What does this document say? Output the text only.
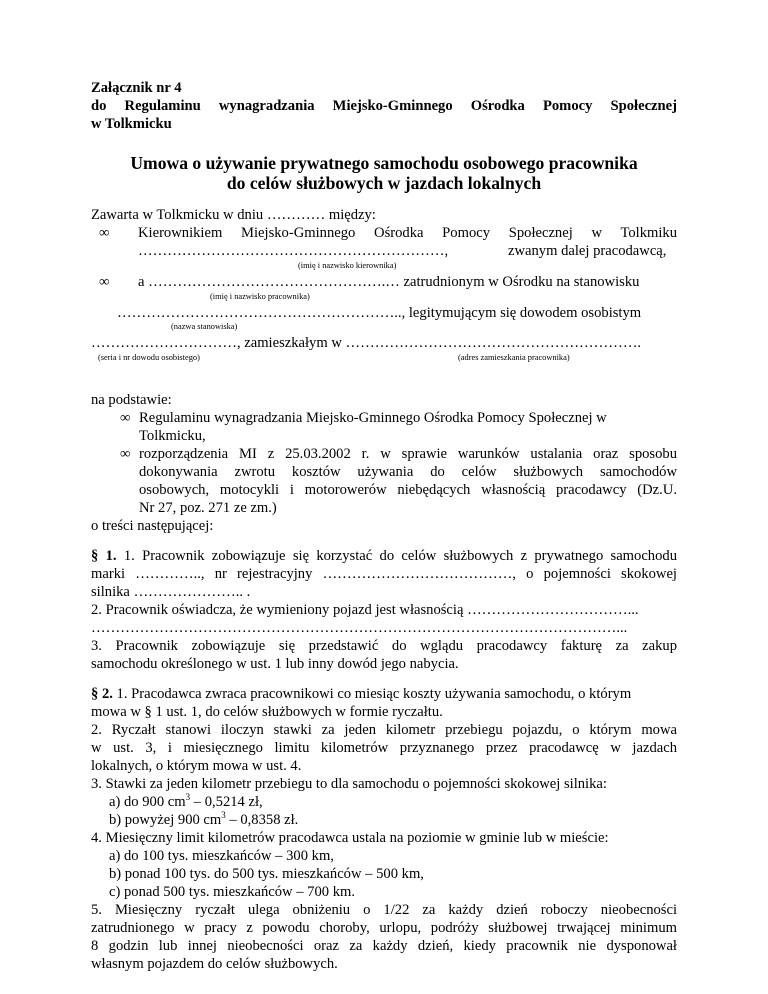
Załącznik nr 4
do Regulaminu wynagradzania Miejsko-Gminnego Ośrodka Pomocy Społecznej
w Tolkmicku
Umowa o używanie prywatnego samochodu osobowego pracownika
do celów służbowych w jazdach lokalnych
Zawarta w Tolkmicku w dniu ………… między:
∞ Kierownikiem Miejsko-Gminnego Ośrodka Pomocy Społecznej w Tolkmiku
………………………………………………………,	zwanym dalej pracodawcą,
(imię i nazwisko kierownika)
∞ a ………………………………………….… zatrudnionym w Ośrodku na stanowisku
(imię i nazwisko pracownika)
………………………………………………….., legitymującym się dowodem osobistym
(nazwa stanowiska)
…………………………, zamieszkałym w …………………………………………………….
(seria i nr dowodu osobistego)	(adres zamieszkania pracownika)
na podstawie:
∞ Regulaminu wynagradzania Miejsko-Gminnego Ośrodka Pomocy Społecznej w
Tolkmicku,
∞ rozporządzenia MI z 25.03.2002 r. w sprawie warunków ustalania oraz sposobu
dokonywania zwrotu kosztów używania do celów służbowych samochodów
osobowych, motocykli i motorowerów niebędących własnością pracodawcy (Dz.U.
Nr 27, poz. 271 ze zm.)
o treści następującej:
§ 1. 1. Pracownik zobowiązuje się korzystać do celów służbowych z prywatnego samochodu
marki ………….., nr rejestracyjny …………………………………, o pojemności skokowej
silnika ………………….. .
2. Pracownik oświadcza, że wymieniony pojazd jest własnością ……………………………...
………………………………………………………………………………………………...
3. Pracownik zobowiązuje się przedstawić do wglądu pracodawcy fakturę za zakup
samochodu określonego w ust. 1 lub inny dowód jego nabycia.
§ 2. 1. Pracodawca zwraca pracownikowi co miesiąc koszty używania samochodu, o którym
mowa w § 1 ust. 1, do celów służbowych w formie ryczałtu.
2. Ryczałt stanowi iloczyn stawki za jeden kilometr przebiegu pojazdu, o którym mowa
w ust. 3, i miesięcznego limitu kilometrów przyznanego przez pracodawcę w jazdach
lokalnych, o którym mowa w ust. 4.
3. Stawki za jeden kilometr przebiegu to dla samochodu o pojemności skokowej silnika:
a) do 900 $cm^3 - 0,5214$ zł,
b) powyżej 900 $cm^3 - 0,8358$ zł.
4. Miesięczny limit kilometrów pracodawca ustala na poziomie w gminie lub w mieście:
a) do 100 tys. mieszkańców – 300 km,
b) ponad 100 tys. do 500 tys. mieszkańców – 500 km,
c) ponad 500 tys. mieszkańców – 700 km.
5. Miesięczny ryczałt ulega obniżeniu o 1/22 za każdy dzień roboczy nieobecności
zatrudnionego w pracy z powodu choroby, urlopu, podróży służbowej trwającej minimum
8 godzin lub innej nieobecności oraz za każdy dzień, kiedy pracownik nie dysponował
własnym pojazdem do celów służbowych.
